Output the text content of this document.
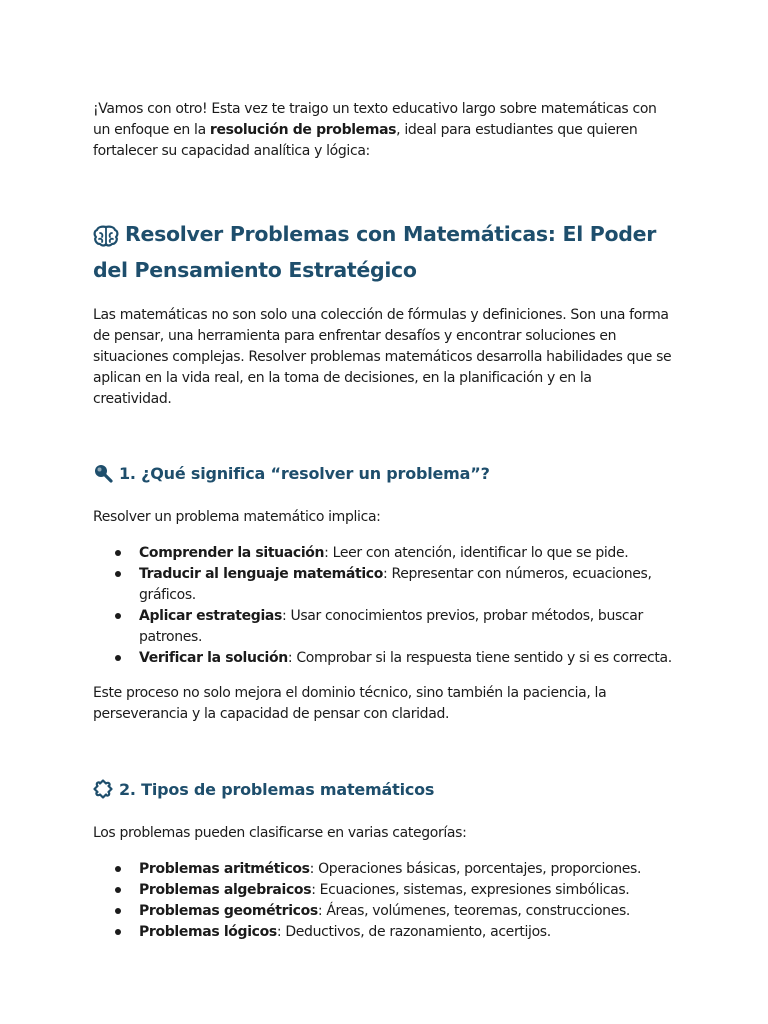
¡Vamos con otro! Esta vez te traigo un texto educativo largo sobre matemáticas con un enfoque en la resolución de problemas, ideal para estudiantes que quieren fortalecer su capacidad analítica y lógica:

Resolver Problemas con Matemáticas: El Poder del Pensamiento Estratégico

Las matemáticas no son solo una colección de fórmulas y definiciones. Son una forma de pensar, una herramienta para enfrentar desafíos y encontrar soluciones en situaciones complejas. Resolver problemas matemáticos desarrolla habilidades que se aplican en la vida real, en la toma de decisiones, en la planificación y en la creatividad.

1. ¿Qué significa “resolver un problema”?

Resolver un problema matemático implica:

Comprender la situación: Leer con atención, identificar lo que se pide.
Traducir al lenguaje matemático: Representar con números, ecuaciones, gráficos.
Aplicar estrategias: Usar conocimientos previos, probar métodos, buscar patrones.
Verificar la solución: Comprobar si la respuesta tiene sentido y si es correcta.

Este proceso no solo mejora el dominio técnico, sino también la paciencia, la perseverancia y la capacidad de pensar con claridad.

2. Tipos de problemas matemáticos

Los problemas pueden clasificarse en varias categorías:

Problemas aritméticos: Operaciones básicas, porcentajes, proporciones.
Problemas algebraicos: Ecuaciones, sistemas, expresiones simbólicas.
Problemas geométricos: Áreas, volúmenes, teoremas, construcciones.
Problemas lógicos: Deductivos, de razonamiento, acertijos.
